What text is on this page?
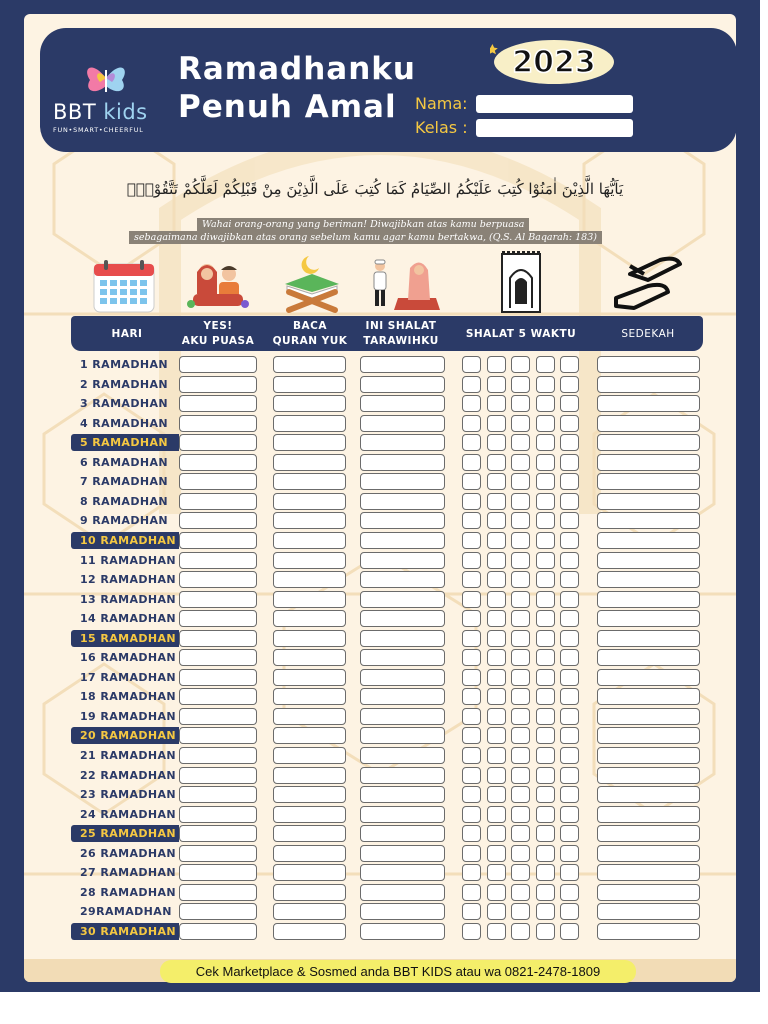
BBT kids
FUN•SMART•CHEERFUL
Ramadhanku
Penuh Amal
2023
Nama:
Kelas :
يَاَيُّهَا الَّذِيْنَ اٰمَنُوْا كُتِبَ عَلَيْكُمُ الصِّيَامُ كَمَا كُتِبَ عَلَى الَّذِيْنَ مِنْ قَبْلِكُمْ لَعَلَّكُمْ تَتَّقُوْنَۙ
Wahai orang-orang yang beriman! Diwajibkan atas kamu berpuasa
sebagaimana diwajibkan atas orang sebelum kamu agar kamu bertakwa, (Q.S. Al Baqarah: 183)
HARI
YES!
AKU PUASA
BACA
QURAN YUK
INI SHALAT
TARAWIHKU
SHALAT 5 WAKTU	SEDEKAH
1 RAMADHAN
2 RAMADHAN
3 RAMADHAN
4 RAMADHAN
5 RAMADHAN
6 RAMADHAN
7 RAMADHAN
8 RAMADHAN
9 RAMADHAN
10 RAMADHAN
11 RAMADHAN
12 RAMADHAN
13 RAMADHAN
14 RAMADHAN
15 RAMADHAN
16 RAMADHAN
17 RAMADHAN
18 RAMADHAN
19 RAMADHAN
20 RAMADHAN
21 RAMADHAN
22 RAMADHAN
23 RAMADHAN
24 RAMADHAN
25 RAMADHAN
26 RAMADHAN
27 RAMADHAN
28 RAMADHAN
29RAMADHAN
30 RAMADHAN
Cek Marketplace & Sosmed anda BBT KIDS atau wa 0821-2478-1809
